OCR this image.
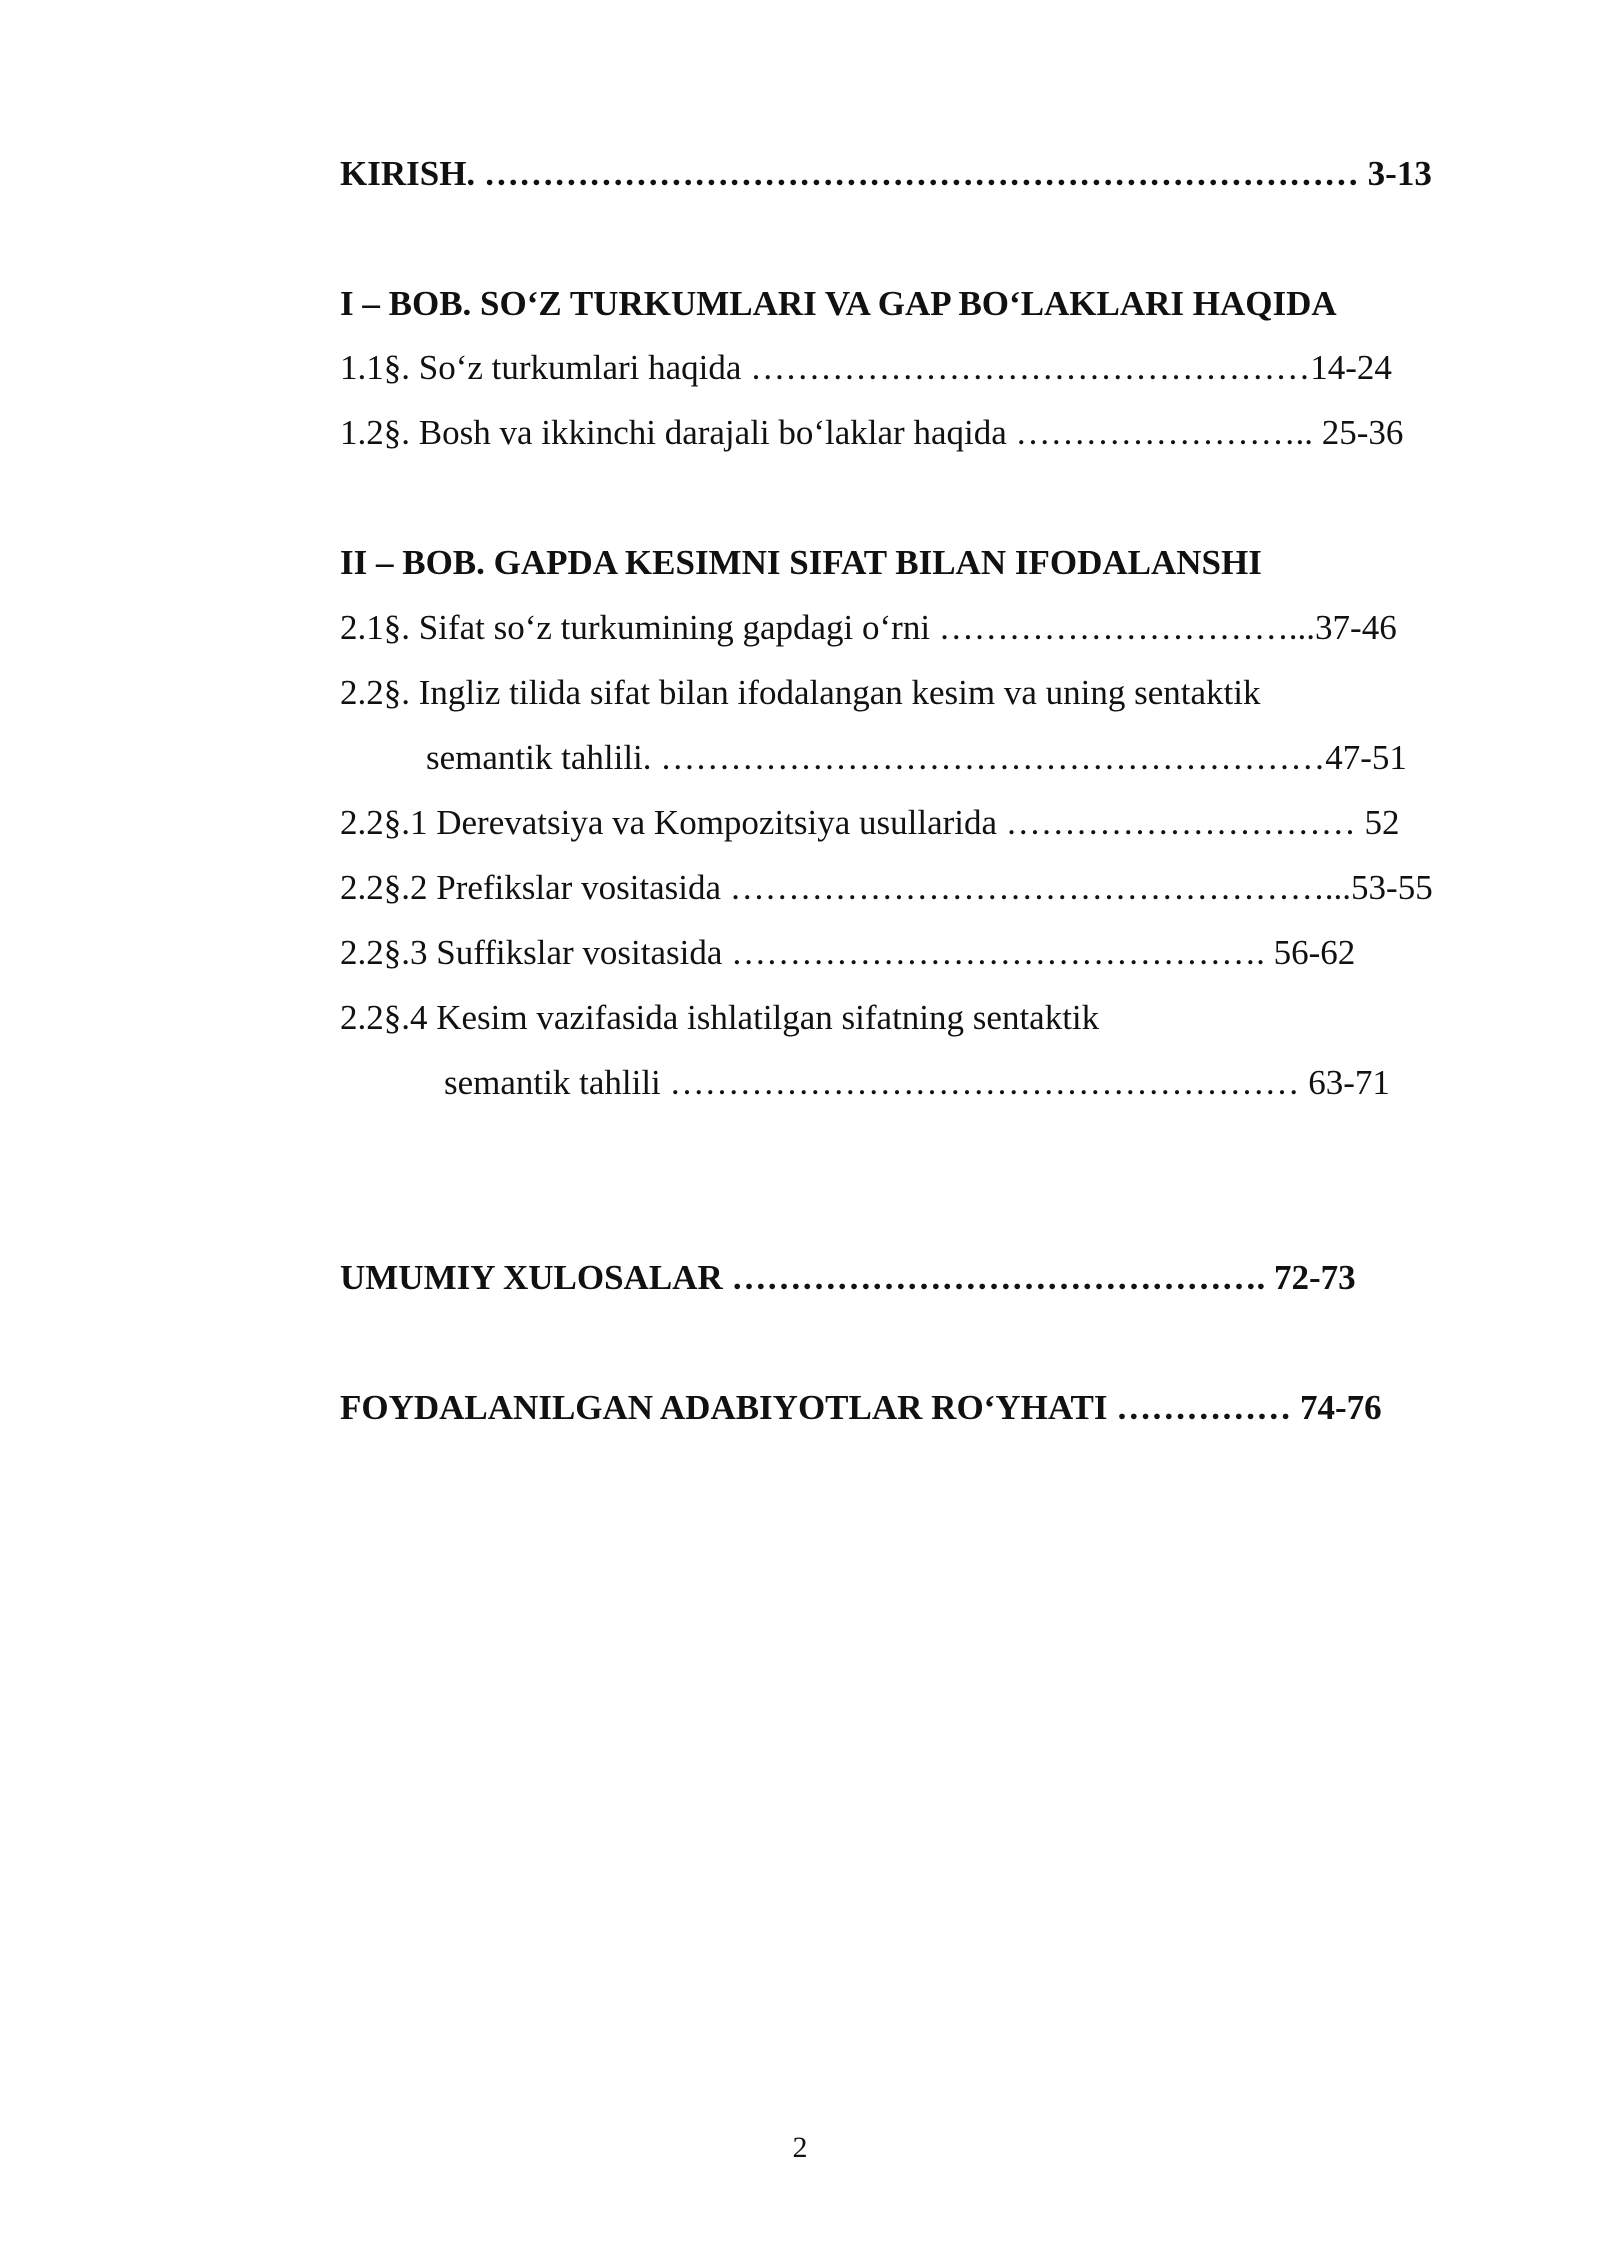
KIRISH. ………………………………………………………………… 3-13
I – BOB. SO‘Z TURKUMLARI VA GAP BO‘LAKLARI HAQIDA
1.1§. So‘z turkumlari haqida …………………………………………14-24
1.2§. Bosh va ikkinchi darajali bo‘laklar haqida …………………….. 25-36
II – BOB. GAPDA KESIMNI SIFAT BILAN IFODALANSHI
2.1§. Sifat so‘z turkumining gapdagi o‘rni …………………………...37-46
2.2§. Ingliz tilida sifat bilan ifodalangan kesim va uning sentaktik
semantik tahlili. …………………………………………………47-51
2.2§.1 Derevatsiya va Kompozitsiya usullarida ………………………… 52
2.2§.2 Prefikslar vositasida ……………………………………………...53-55
2.2§.3 Suffikslar vositasida ………………………………………. 56-62
2.2§.4 Kesim vazifasida ishlatilgan sifatning sentaktik
semantik tahlili ……………………………………………… 63-71
UMUMIY XULOSALAR ………………………………………. 72-73
FOYDALANILGAN ADABIYOTLAR RO‘YHATI …………… 74-76
2
